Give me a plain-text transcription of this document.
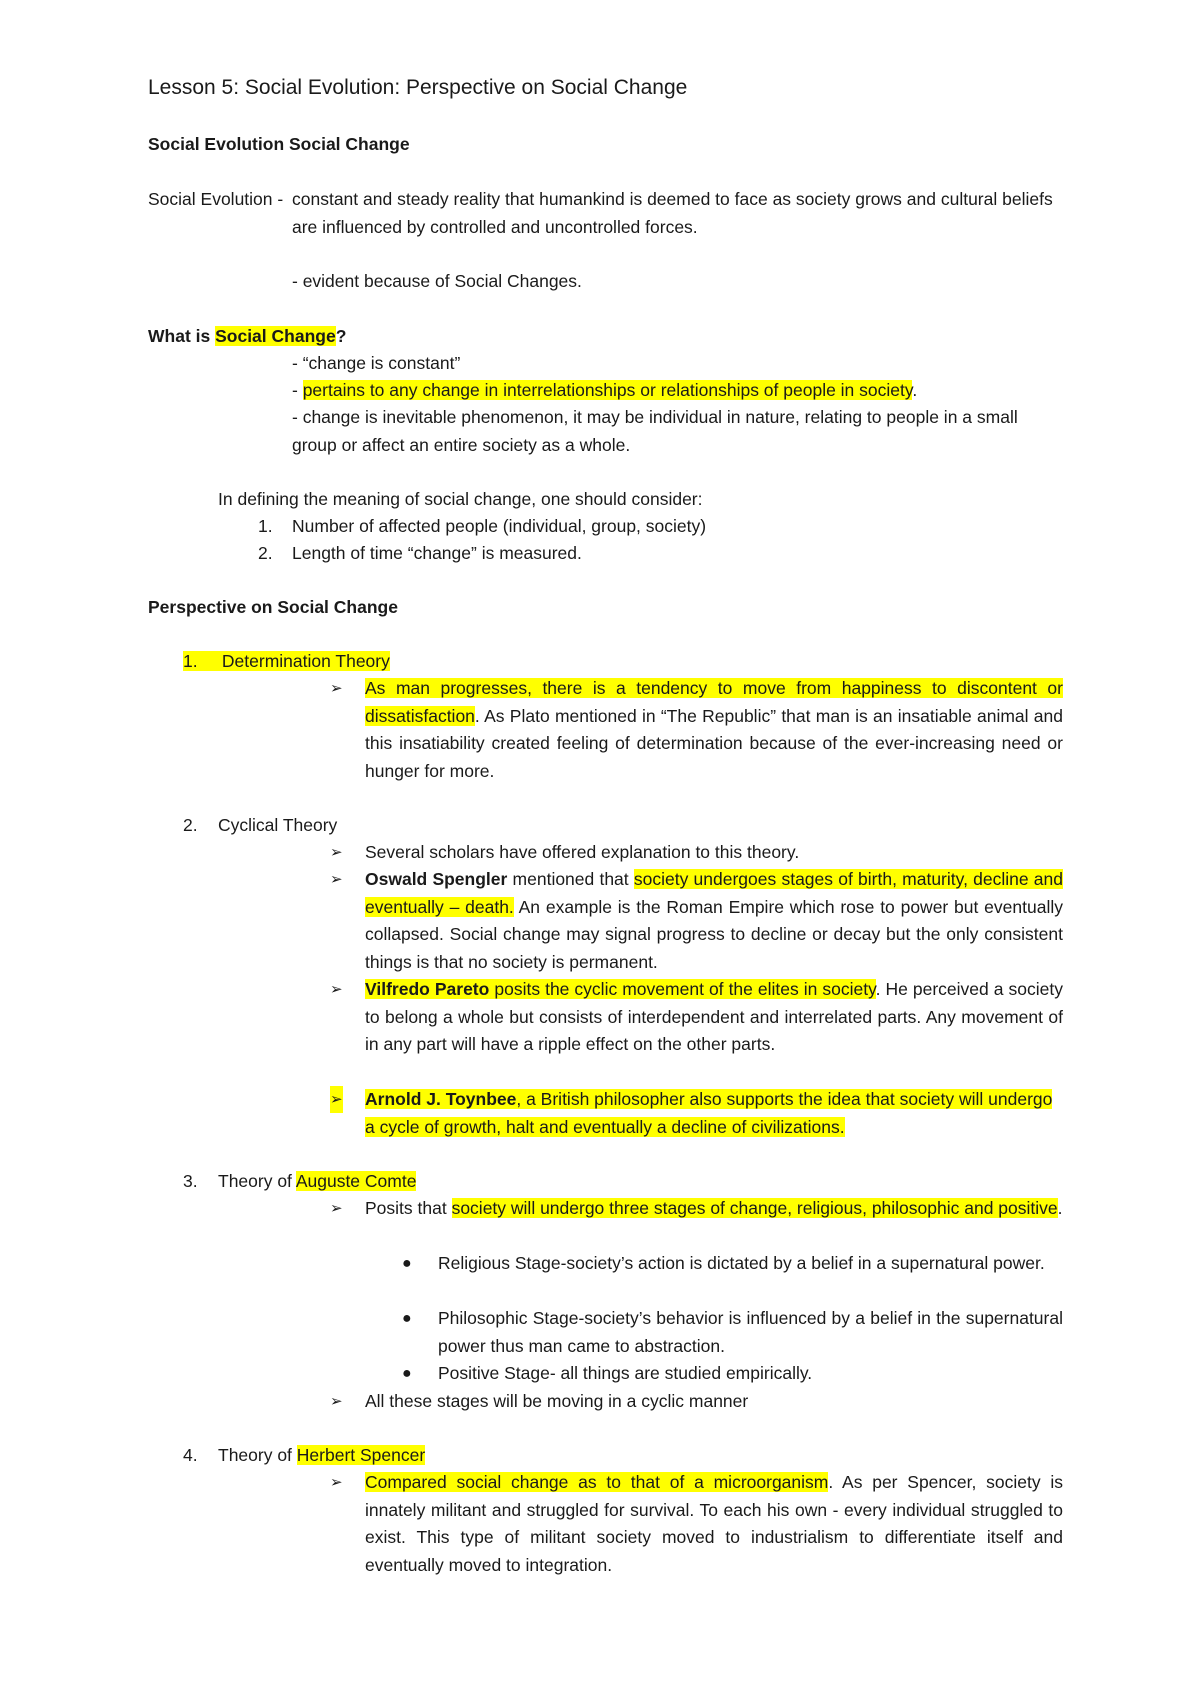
Lesson 5: Social Evolution: Perspective on Social Change
Social Evolution Social Change
Social Evolution - constant and steady reality that humankind is deemed to face as society grows and cultural beliefs are influenced by controlled and uncontrolled forces.
- evident because of Social Changes.
What is Social Change?
- “change is constant”
- pertains to any change in interrelationships or relationships of people in society.
- change is inevitable phenomenon, it may be individual in nature, relating to people in a small group or affect an entire society as a whole.
In defining the meaning of social change, one should consider:
1. Number of affected people (individual, group, society)
2. Length of time “change” is measured.
Perspective on Social Change
1. Determination Theory
➢ As man progresses, there is a tendency to move from happiness to discontent or dissatisfaction. As Plato mentioned in “The Republic” that man is an insatiable animal and this insatiability created feeling of determination because of the ever-increasing need or hunger for more.
2. Cyclical Theory
➢ Several scholars have offered explanation to this theory.
➢ Oswald Spengler mentioned that society undergoes stages of birth, maturity, decline and eventually – death. An example is the Roman Empire which rose to power but eventually collapsed. Social change may signal progress to decline or decay but the only consistent things is that no society is permanent.
➢ Vilfredo Pareto posits the cyclic movement of the elites in society. He perceived a society to belong a whole but consists of interdependent and interrelated parts. Any movement of in any part will have a ripple effect on the other parts.
➢ Arnold J. Toynbee, a British philosopher also supports the idea that society will undergo a cycle of growth, halt and eventually a decline of civilizations.
3. Theory of Auguste Comte
➢ Posits that society will undergo three stages of change, religious, philosophic and positive.
● Religious Stage-society’s action is dictated by a belief in a supernatural power.
● Philosophic Stage-society’s behavior is influenced by a belief in the supernatural power thus man came to abstraction.
● Positive Stage- all things are studied empirically.
➢ All these stages will be moving in a cyclic manner
4. Theory of Herbert Spencer
➢ Compared social change as to that of a microorganism. As per Spencer, society is innately militant and struggled for survival. To each his own - every individual struggled to exist. This type of militant society moved to industrialism to differentiate itself and eventually moved to integration.
